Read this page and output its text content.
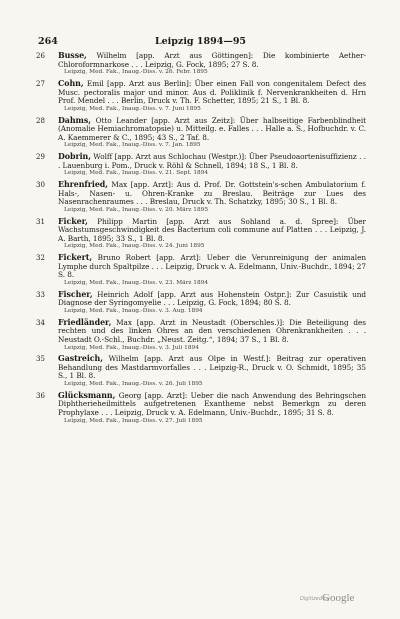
264	Leipzig 1894—95
26	Busse, Wilhelm [app. Arzt aus Göttingen]: Die kombinierte Aether-Chloroformnarkose . . . Leipzig, G. Fock, 1895; 27 S. 8.
Leipzig, Med. Fak., Inaug.-Diss. v. 26. Febr. 1895
27	Cohn, Emil [app. Arzt aus Berlin]: Über einen Fall von congenitalem Defect des Musc. pectoralis major und minor. Aus d. Poliklinik f. Nervenkrankheiten d. Hrn Prof. Mendel . . . Berlin, Druck v. Th. F. Schetter, 1895; 21 S., 1 Bl. 8.
Leipzig, Med. Fak., Inaug.-Diss. v. 7. Juni 1895
28	Dahms, Otto Leander [app. Arzt aus Zeitz]: Über halbseitige Farbenblindheit (Anomalie Hemiachromatopsie) u. Mitteilg. e. Falles . . . Halle a. S., Hofbuchdr. v. C. A. Kaemmerer & C., 1895; 43 S., 2 Taf. 8.
Leipzig, Med. Fak., Inaug.-Diss. v. 7. Jan. 1895
29	Dobrin, Wolff [app. Arzt aus Schlochau (Westpr.)]: Über Pseudoaortenisuffizienz . . . Lauenburg i. Pom., Druck v. Röhl & Schnell, 1894; 18 S., 1 Bl. 8.
Leipzig, Med. Fak., Inaug.-Diss. v. 21. Sept. 1894
30	Ehrenfried, Max [app. Arzt]: Aus d. Prof. Dr. Gottstein's-schen Ambulatorium f. Hals-, Nasen- u. Ohren-Kranke zu Breslau. Beiträge zur Lues des Nasenrachenraumes . . . Breslau, Druck v. Th. Schatzky, 1895; 30 S., 1 Bl. 8.
Leipzig, Med. Fak., Inaug.-Diss. v. 20. März 1895
31	Ficker, Philipp Martin [app. Arzt aus Sohland a. d. Spree]: Über Wachstumsgeschwindigkeit des Bacterium coli commune auf Platten . . . Leipzig, J. A. Barth, 1895; 33 S., 1 Bl. 8.
Leipzig, Med. Fak., Inaug.-Diss. v. 24. Juni 1895
32	Fickert, Bruno Robert [app. Arzt]: Ueber die Verunreinigung der animalen Lymphe durch Spaltpilze . . . Leipzig, Druck v. A. Edelmann, Univ.-Buchdr., 1894; 27 S. 8.
Leipzig, Med. Fak., Inaug.-Diss. v. 23. März 1894
33	Fischer, Heinrich Adolf [app. Arzt aus Hohenstein Ostpr.]: Zur Casuistik und Diagnose der Syringomyelie . . . Leipzig, G. Fock, 1894; 80 S. 8.
Leipzig, Med. Fak., Inaug.-Diss. v. 3. Aug. 1894
34	Friedländer, Max [app. Arzt in Neustadt (Oberschles.)]: Die Beteiligung des rechten und des linken Ohres an den verschiedenen Ohrenkrankheiten . . . Neustadt O.-Schl., Buchdr. „Neust. Zeitg.“, 1894; 37 S., 1 Bl. 8.
Leipzig, Med. Fak., Inaug.-Diss. v. 3. Juli 1894
35	Gastreich, Wilhelm [app. Arzt aus Olpe in Westf.]: Beitrag zur operativen Behandlung des Mastdarmvorfalles . . . Leipzig-R., Druck v. O. Schmidt, 1895; 35 S., 1 Bl. 8.
Leipzig, Med. Fak., Inaug.-Diss. v. 26. Juli 1895
36	Glücksmann, Georg [app. Arzt]: Ueber die nach Anwendung des Behringschen Diphtherieheilmittels aufgetretenen Exantheme nebst Bemerkgn zu deren Prophylaxe . . . Leipzig, Druck v. A. Edelmann, Univ.-Buchdr., 1895; 31 S. 8.
Leipzig, Med. Fak., Inaug.-Diss. v. 27. Juli 1895
Digitized by
Google
